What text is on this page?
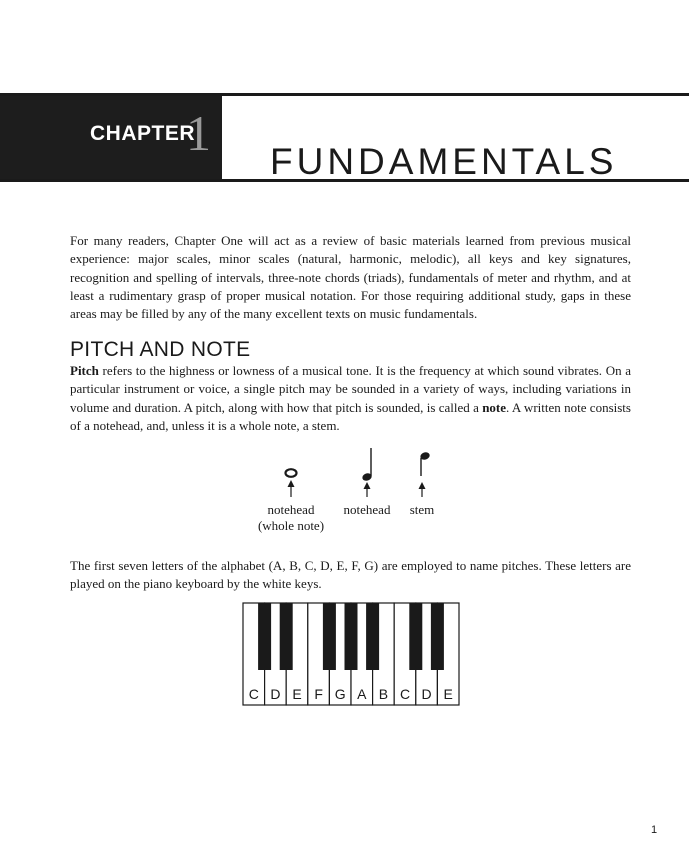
CHAPTER
1
FUNDAMENTALS

For many readers, Chapter One will act as a review of basic materials learned from previous musical experience: major scales, minor scales (natural, harmonic, melodic), all keys and key signatures, recognition and spelling of intervals, three-note chords (triads), fundamentals of meter and rhythm, and at least a rudimentary grasp of proper musical notation. For those requiring additional study, gaps in these areas may be filled by any of the many excellent texts on music fundamentals.

PITCH AND NOTE

Pitch refers to the highness or lowness of a musical tone. It is the frequency at which sound vibrates. On a particular instrument or voice, a single pitch may be sounded in a variety of ways, including variations in volume and duration. A pitch, along with how that pitch is sounded, is called a note. A written note consists of a notehead, and, unless it is a whole note, a stem.

notehead
(whole note)
notehead	stem

The first seven letters of the alphabet (A, B, C, D, E, F, G) are employed to name pitches. These letters are played on the piano keyboard by the white keys.

C D E F G A B C D E
1
